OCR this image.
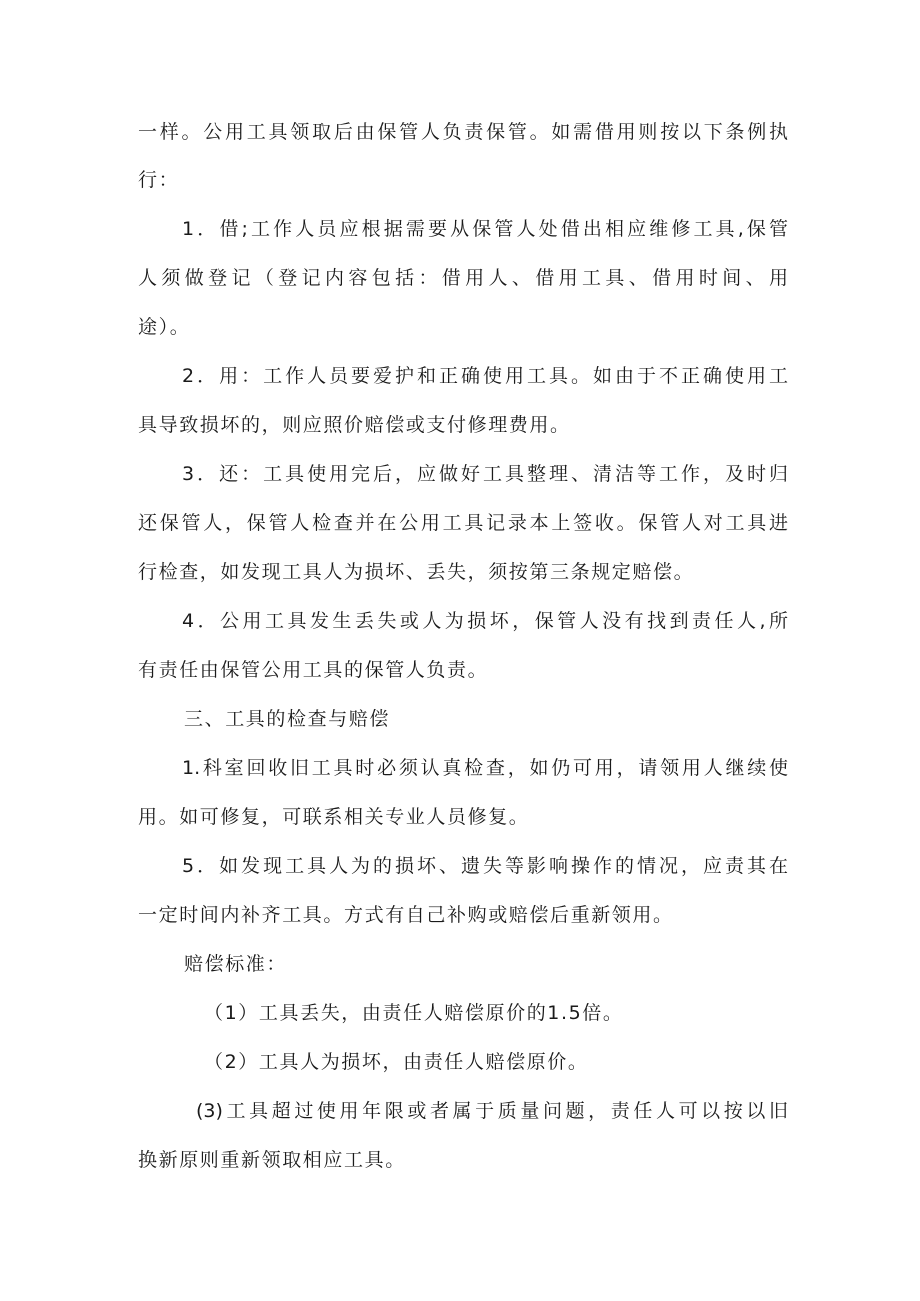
一样。公用工具领取后由保管人负责保管。如需借用则按以下条例执

行：

1．借;工作人员应根据需要从保管人处借出相应维修工具,保管

人须做登记（登记内容包括：借用人、借用工具、借用时间、用

途）。

2．用：工作人员要爱护和正确使用工具。如由于不正确使用工

具导致损坏的，则应照价赔偿或支付修理费用。

3．还：工具使用完后，应做好工具整理、清洁等工作，及时归

还保管人，保管人检查并在公用工具记录本上签收。保管人对工具进

行检查，如发现工具人为损坏、丢失，须按第三条规定赔偿。

4．公用工具发生丢失或人为损坏，保管人没有找到责任人,所

有责任由保管公用工具的保管人负责。

三、工具的检查与赔偿

1.科室回收旧工具时必须认真检查，如仍可用，请领用人继续使

用。如可修复，可联系相关专业人员修复。

5．如发现工具人为的损坏、遗失等影响操作的情况，应责其在

一定时间内补齐工具。方式有自己补购或赔偿后重新领用。

赔偿标准：

（1）工具丢失，由责任人赔偿原价的1.5倍。

（2）工具人为损坏，由责任人赔偿原价。

(3)工具超过使用年限或者属于质量问题，责任人可以按以旧

换新原则重新领取相应工具。
